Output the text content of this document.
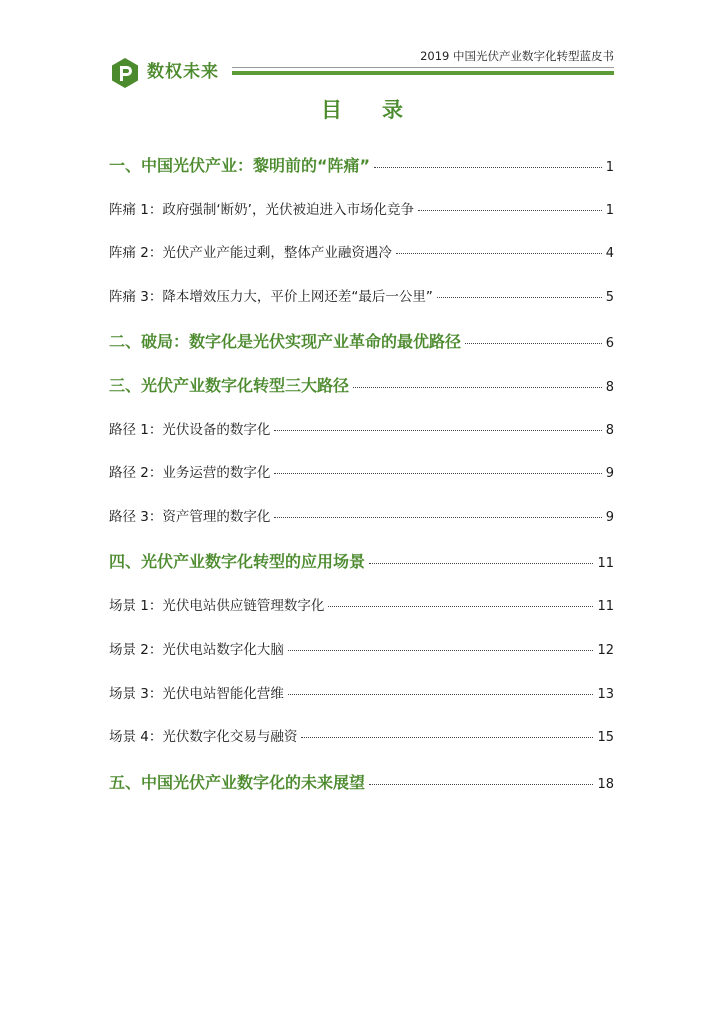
数权未来
2019 中国光伏产业数字化转型蓝皮书
目录
一、中国光伏产业：黎明前的“阵痛”	1
阵痛 1：政府强制‘断奶’，光伏被迫进入市场化竞争	1
阵痛 2：光伏产业产能过剩，整体产业融资遇冷	4
阵痛 3：降本增效压力大，平价上网还差“最后一公里”	5
二、破局：数字化是光伏实现产业革命的最优路径	6
三、光伏产业数字化转型三大路径	8
路径 1：光伏设备的数字化	8
路径 2：业务运营的数字化	9
路径 3：资产管理的数字化	9
四、光伏产业数字化转型的应用场景	11
场景 1：光伏电站供应链管理数字化	11
场景 2：光伏电站数字化大脑	12
场景 3：光伏电站智能化营维	13
场景 4：光伏数字化交易与融资	15
五、中国光伏产业数字化的未来展望	18
